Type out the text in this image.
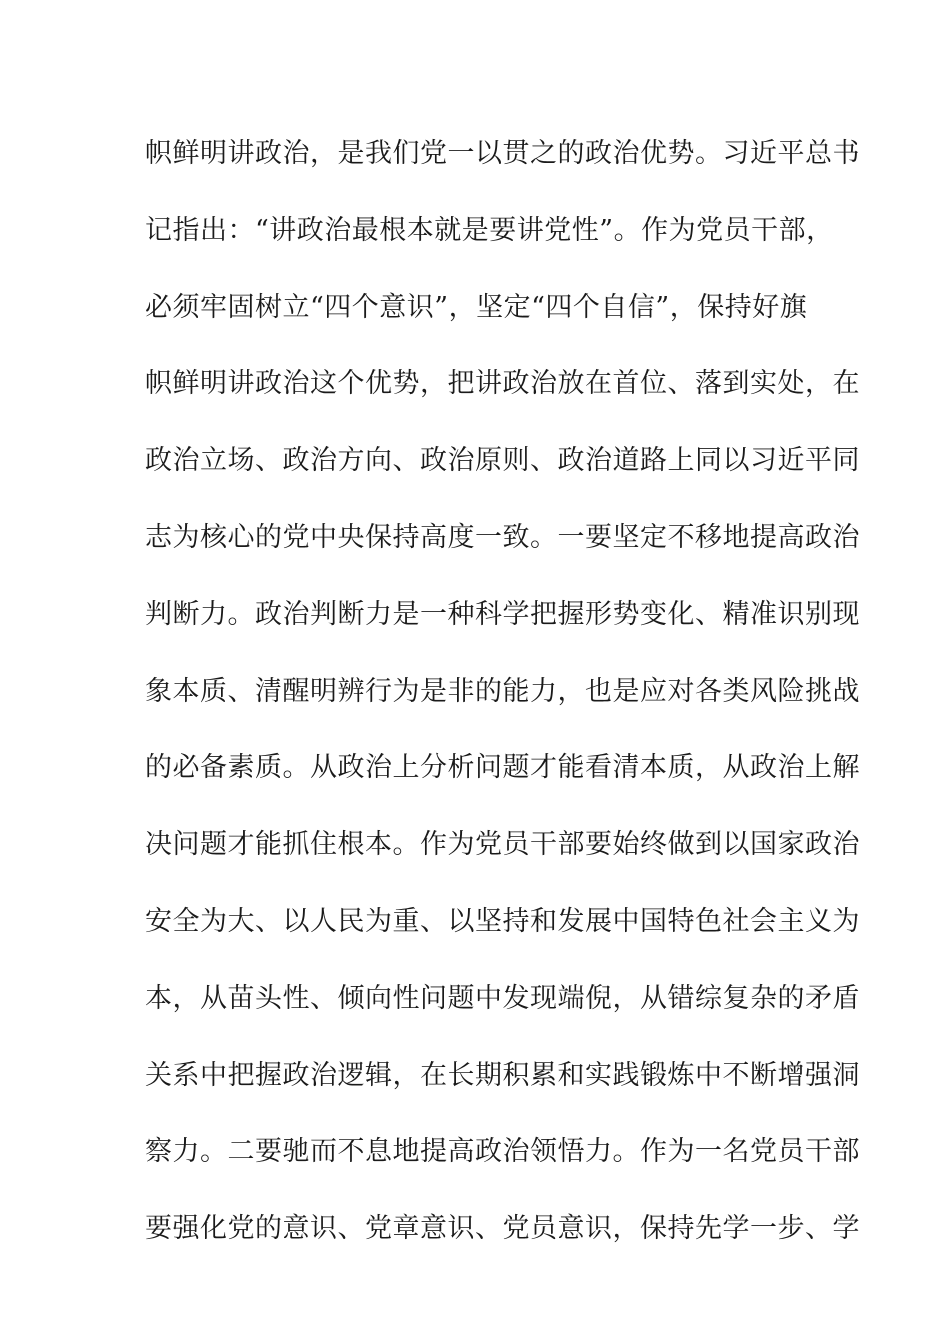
帜鲜明讲政治，是我们党一以贯之的政治优势。习近平总书
记指出：“讲政治最根本就是要讲党性”。作为党员干部，
必须牢固树立“四个意识”，坚定“四个自信”，保持好旗
帜鲜明讲政治这个优势，把讲政治放在首位、落到实处，在
政治立场、政治方向、政治原则、政治道路上同以习近平同
志为核心的党中央保持高度一致。一要坚定不移地提高政治
判断力。政治判断力是一种科学把握形势变化、精准识别现
象本质、清醒明辨行为是非的能力，也是应对各类风险挑战
的必备素质。从政治上分析问题才能看清本质，从政治上解
决问题才能抓住根本。作为党员干部要始终做到以国家政治
安全为大、以人民为重、以坚持和发展中国特色社会主义为
本，从苗头性、倾向性问题中发现端倪，从错综复杂的矛盾
关系中把握政治逻辑，在长期积累和实践锻炼中不断增强洞
察力。二要驰而不息地提高政治领悟力。作为一名党员干部
要强化党的意识、党章意识、党员意识，保持先学一步、学
